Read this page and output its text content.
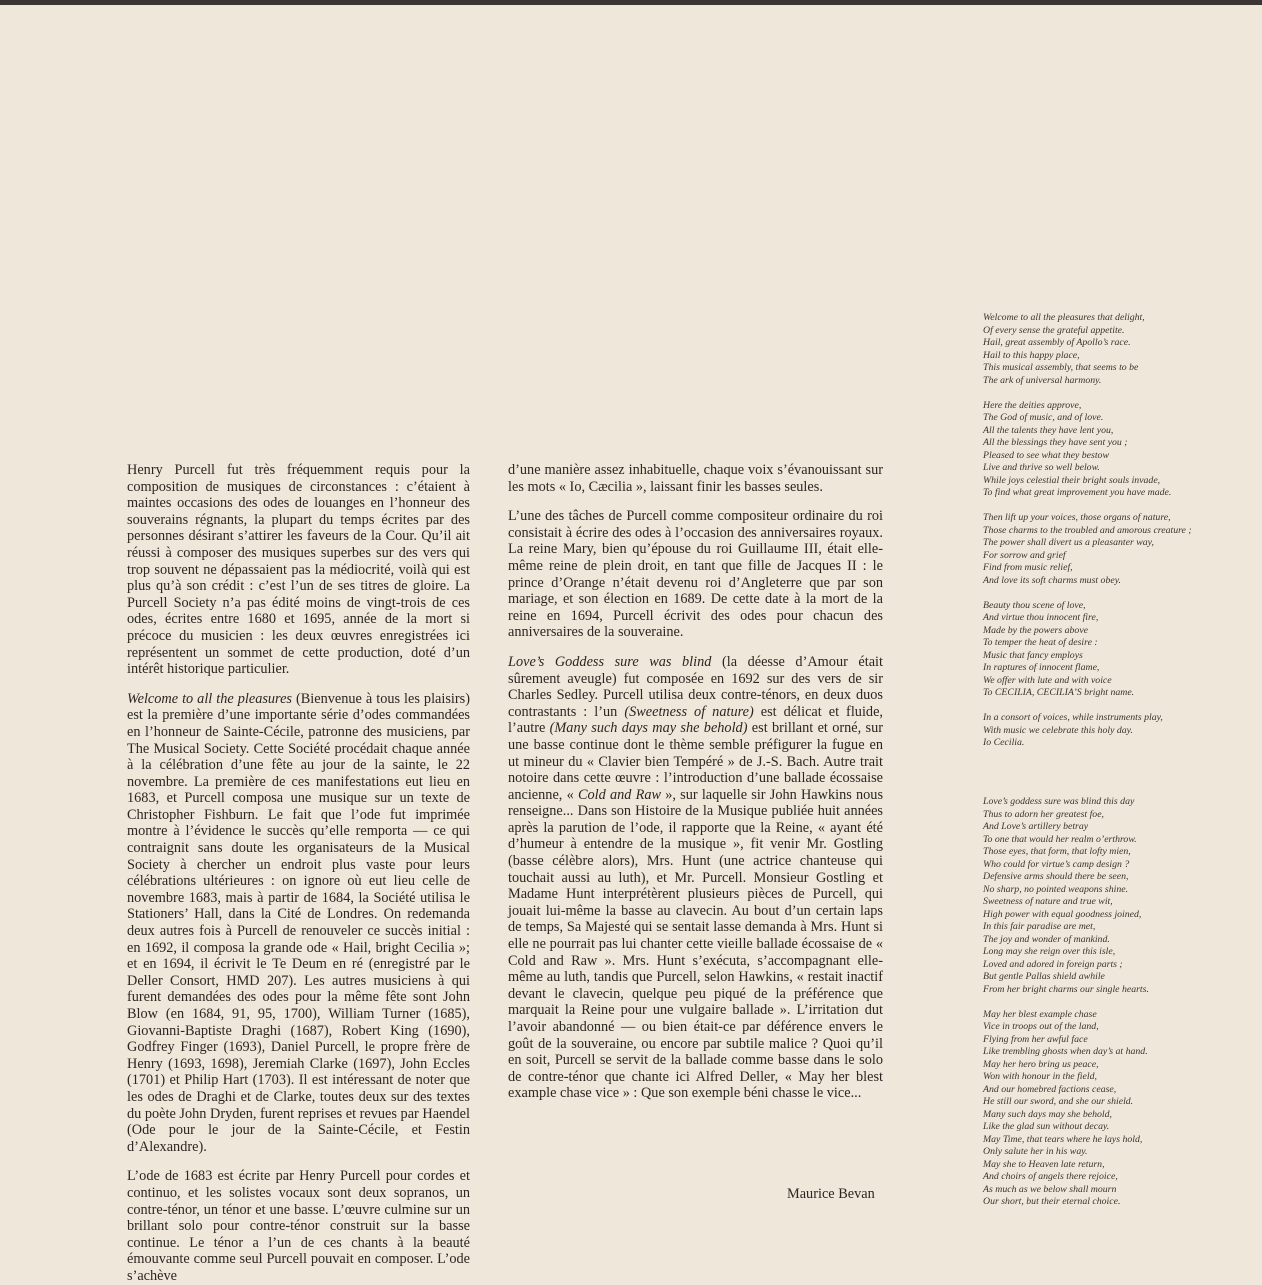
Henry Purcell fut très fréquemment requis pour la composition de musiques de circonstances : c’étaient à maintes occasions des odes de louanges en l’honneur des souverains régnants, la plupart du temps écrites par des personnes désirant s’attirer les faveurs de la Cour. Qu’il ait réussi à composer des musiques superbes sur des vers qui trop souvent ne dépassaient pas la médiocrité, voilà qui est plus qu’à son crédit : c’est l’un de ses titres de gloire. La Purcell Society n’a pas édité moins de vingt-trois de ces odes, écrites entre 1680 et 1695, année de la mort si précoce du musicien : les deux œuvres enregistrées ici représentent un sommet de cette production, doté d’un intérêt historique particulier.

Welcome to all the pleasures (Bienvenue à tous les plaisirs) est la première d’une importante série d’odes commandées en l’honneur de Sainte-Cécile, patronne des musiciens, par The Musical Society. Cette Société procédait chaque année à la célébration d’une fête au jour de la sainte, le 22 novembre. La première de ces manifestations eut lieu en 1683, et Purcell composa une musique sur un texte de Christopher Fishburn. Le fait que l’ode fut imprimée montre à l’évidence le succès qu’elle remporta — ce qui contraignit sans doute les organisateurs de la Musical Society à chercher un endroit plus vaste pour leurs célébrations ultérieures : on ignore où eut lieu celle de novembre 1683, mais à partir de 1684, la Société utilisa le Stationers’ Hall, dans la Cité de Londres. On redemanda deux autres fois à Purcell de renouveler ce succès initial : en 1692, il composa la grande ode « Hail, bright Cecilia »; et en 1694, il écrivit le Te Deum en ré (enregistré par le Deller Consort, HMD 207). Les autres musiciens à qui furent demandées des odes pour la même fête sont John Blow (en 1684, 91, 95, 1700), William Turner (1685), Giovanni-Baptiste Draghi (1687), Robert King (1690), Godfrey Finger (1693), Daniel Purcell, le propre frère de Henry (1693, 1698), Jeremiah Clarke (1697), John Eccles (1701) et Philip Hart (1703). Il est intéressant de noter que les odes de Draghi et de Clarke, toutes deux sur des textes du poète John Dryden, furent reprises et revues par Haendel (Ode pour le jour de la Sainte-Cécile, et Festin d’Alexandre).

L’ode de 1683 est écrite par Henry Purcell pour cordes et continuo, et les solistes vocaux sont deux sopranos, un contre-ténor, un ténor et une basse. L’œuvre culmine sur un brillant solo pour contre-ténor construit sur la basse continue. Le ténor a l’un de ces chants à la beauté émouvante comme seul Purcell pouvait en composer. L’ode s’achève

d’une manière assez inhabituelle, chaque voix s’évanouissant sur les mots « Io, Cæcilia », laissant finir les basses seules.

L’une des tâches de Purcell comme compositeur ordinaire du roi consistait à écrire des odes à l’occasion des anniversaires royaux. La reine Mary, bien qu’épouse du roi Guillaume III, était elle-même reine de plein droit, en tant que fille de Jacques II : le prince d’Orange n’était devenu roi d’Angleterre que par son mariage, et son élection en 1689. De cette date à la mort de la reine en 1694, Purcell écrivit des odes pour chacun des anniversaires de la souveraine.

Love’s Goddess sure was blind (la déesse d’Amour était sûrement aveugle) fut composée en 1692 sur des vers de sir Charles Sedley. Purcell utilisa deux contre-ténors, en deux duos contrastants : l’un (Sweetness of nature) est délicat et fluide, l’autre (Many such days may she behold) est brillant et orné, sur une basse continue dont le thème semble préfigurer la fugue en ut mineur du « Clavier bien Tempéré » de J.-S. Bach. Autre trait notoire dans cette œuvre : l’introduction d’une ballade écossaise ancienne, « Cold and Raw », sur laquelle sir John Hawkins nous renseigne... Dans son Histoire de la Musique publiée huit années après la parution de l’ode, il rapporte que la Reine, « ayant été d’humeur à entendre de la musique », fit venir Mr. Gostling (basse célèbre alors), Mrs. Hunt (une actrice chanteuse qui touchait aussi au luth), et Mr. Purcell. Monsieur Gostling et Madame Hunt interprétèrent plusieurs pièces de Purcell, qui jouait lui-même la basse au clavecin. Au bout d’un certain laps de temps, Sa Majesté qui se sentait lasse demanda à Mrs. Hunt si elle ne pourrait pas lui chanter cette vieille ballade écossaise de « Cold and Raw ». Mrs. Hunt s’exécuta, s’accompagnant elle-même au luth, tandis que Purcell, selon Hawkins, « restait inactif devant le clavecin, quelque peu piqué de la préférence que marquait la Reine pour une vulgaire ballade ». L’irritation dut l’avoir abandonné — ou bien était-ce par déférence envers le goût de la souveraine, ou encore par subtile malice ? Quoi qu’il en soit, Purcell se servit de la ballade comme basse dans le solo de contre-ténor que chante ici Alfred Deller, « May her blest example chase vice » : Que son exemple béni chasse le vice...

Maurice Bevan
Welcome to all the pleasures that delight,
Of every sense the grateful appetite.
Hail, great assembly of Apollo’s race.
Hail to this happy place,
This musical assembly, that seems to be
The ark of universal harmony.
Here the deities approve,
The God of music, and of love.
All the talents they have lent you,
All the blessings they have sent you ;
Pleased to see what they bestow
Live and thrive so well below.
While joys celestial their bright souls invade,
To find what great improvement you have made.
Then lift up your voices, those organs of nature,
Those charms to the troubled and amorous creature ;
The power shall divert us a pleasanter way,
For sorrow and grief
Find from music relief,
And love its soft charms must obey.
Beauty thou scene of love,
And virtue thou innocent fire,
Made by the powers above
To temper the heat of desire :
Music that fancy employs
In raptures of innocent flame,
We offer with lute and with voice
To CECILIA, CECILIA’S bright name.
In a consort of voices, while instruments play,
With music we celebrate this holy day.
Io Cecilia.
Love’s goddess sure was blind this day
Thus to adorn her greatest foe,
And Love’s artillery betray
To one that would her realm o’erthrow.
Those eyes, that form, that lofty mien,
Who could for virtue’s camp design ?
Defensive arms should there be seen,
No sharp, no pointed weapons shine.
Sweetness of nature and true wit,
High power with equal goodness joined,
In this fair paradise are met,
The joy and wonder of mankind.
Long may she reign over this isle,
Loved and adored in foreign parts ;
But gentle Pallas shield awhile
From her bright charms our single hearts.
May her blest example chase
Vice in troops out of the land,
Flying from her awful face
Like trembling ghosts when day’s at hand.
May her hero bring us peace,
Won with honour in the field,
And our homebred factions cease,
He still our sword, and she our shield.
Many such days may she behold,
Like the glad sun without decay.
May Time, that tears where he lays hold,
Only salute her in his way.
May she to Heaven late return,
And choirs of angels there rejoice,
As much as we below shall mourn
Our short, but their eternal choice.
